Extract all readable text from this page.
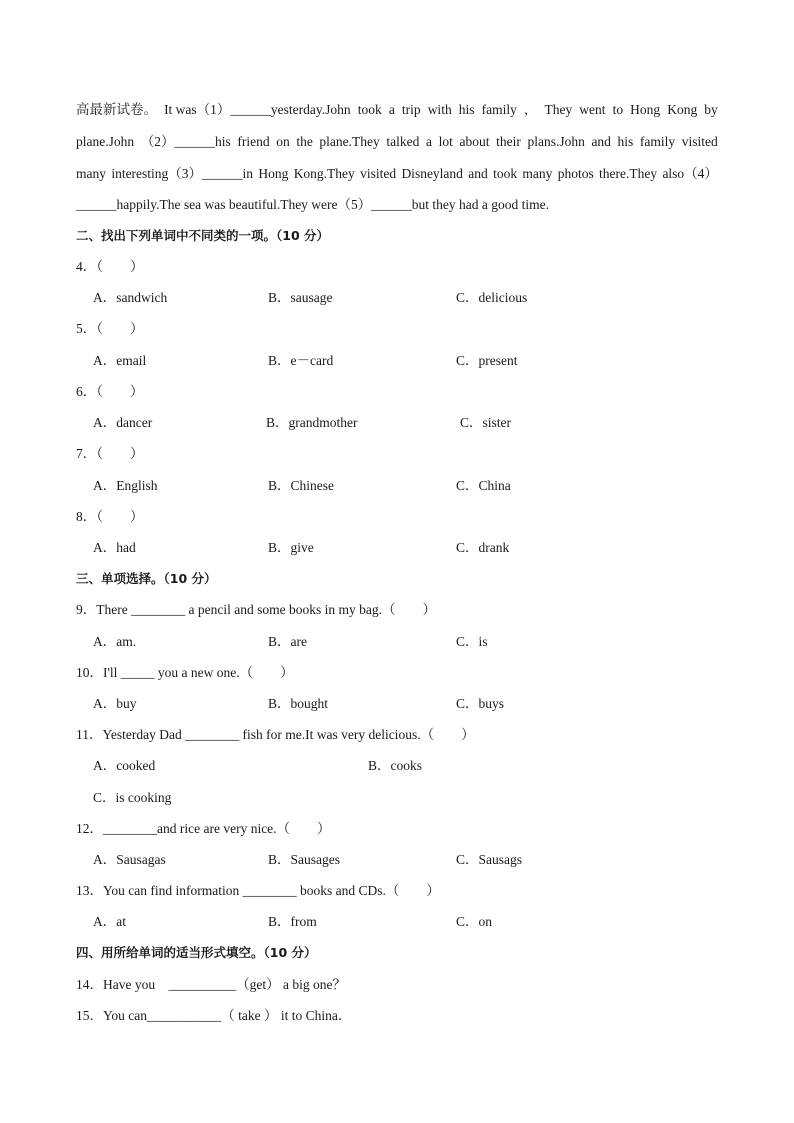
高最新试卷。 It was（1）______yesterday.John took a trip with his family ， They went to Hong Kong by
plane.John （2）______his friend on the plane.They talked a lot about their plans.John and his family visited
many interesting（3）______in Hong Kong.They visited Disneyland and took many photos there.They also（4）
______happily.The sea was beautiful.They were（5）______but they had a good time.
二、找出下列单词中不同类的一项。（10 分）
4．（　　）
A．sandwich	B．sausage	C．delicious
5．（　　）
A．email	B．e－card	C．present
6．（　　）
A．dancer	B．grandmother	C．sister
7．（　　）
A．English	B．Chinese	C．China
8．（　　）
A．had	B．give	C．drank
三、单项选择。（10 分）
9．There ________ a pencil and some books in my bag.（　　）
A．am.	B．are	C．is
10．I'll _____ you a new one.（　　）
A．buy	B．bought	C．buys
11．Yesterday Dad ________ fish for me.It was very delicious.（　　）
A．cooked	B．cooks
C．is cooking
12．________and rice are very nice.（　　）
A．Sausagas	B．Sausages	C．Sausags
13．You can find information ________ books and CDs.（　　）
A．at	B．from	C．on
四、用所给单词的适当形式填空。（10 分）
14．Have you　__________（get） a big one？
15．You can___________（ take ） it to China．
